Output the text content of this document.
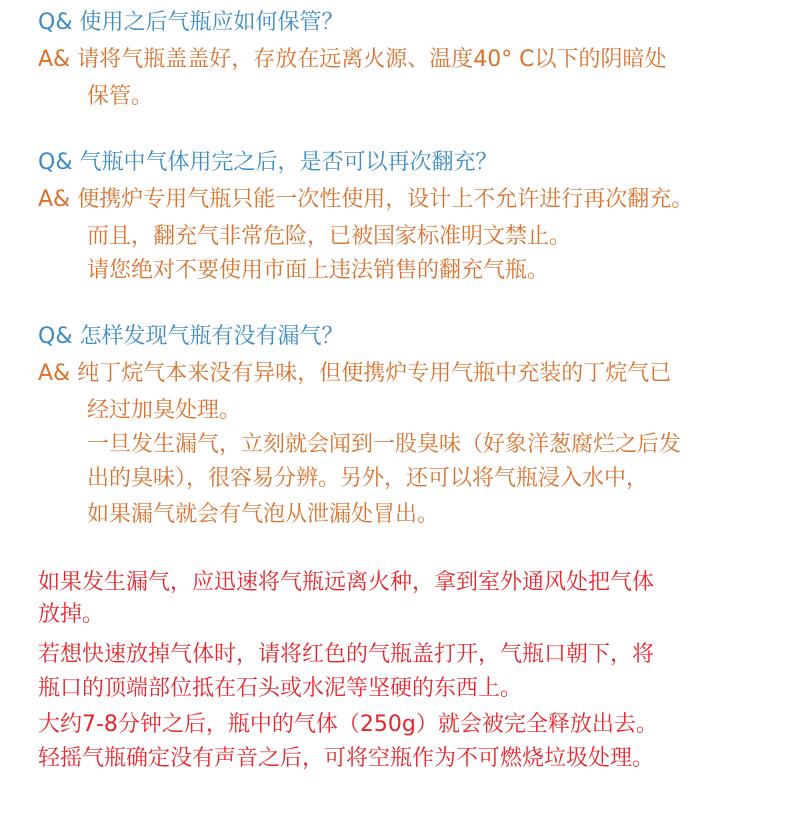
Q& 使用之后气瓶应如何保管？

A& 请将气瓶盖盖好，存放在远离火源、温度40° C以下的阴暗处

保管。

Q& 气瓶中气体用完之后，是否可以再次翻充？

A& 便携炉专用气瓶只能一次性使用，设计上不允许进行再次翻充。

而且，翻充气非常危险，已被国家标准明文禁止。

请您绝对不要使用市面上违法销售的翻充气瓶。

Q& 怎样发现气瓶有没有漏气？

A& 纯丁烷气本来没有异味，但便携炉专用气瓶中充装的丁烷气已

经过加臭处理。

一旦发生漏气，立刻就会闻到一股臭味（好象洋葱腐烂之后发

出的臭味），很容易分辨。另外，还可以将气瓶浸入水中，

如果漏气就会有气泡从泄漏处冒出。

如果发生漏气，应迅速将气瓶远离火种，拿到室外通风处把气体

放掉。

若想快速放掉气体时，请将红色的气瓶盖打开，气瓶口朝下，将

瓶口的顶端部位抵在石头或水泥等坚硬的东西上。

大约7-8分钟之后，瓶中的气体（250g）就会被完全释放出去。

轻摇气瓶确定没有声音之后，可将空瓶作为不可燃烧垃圾处理。
